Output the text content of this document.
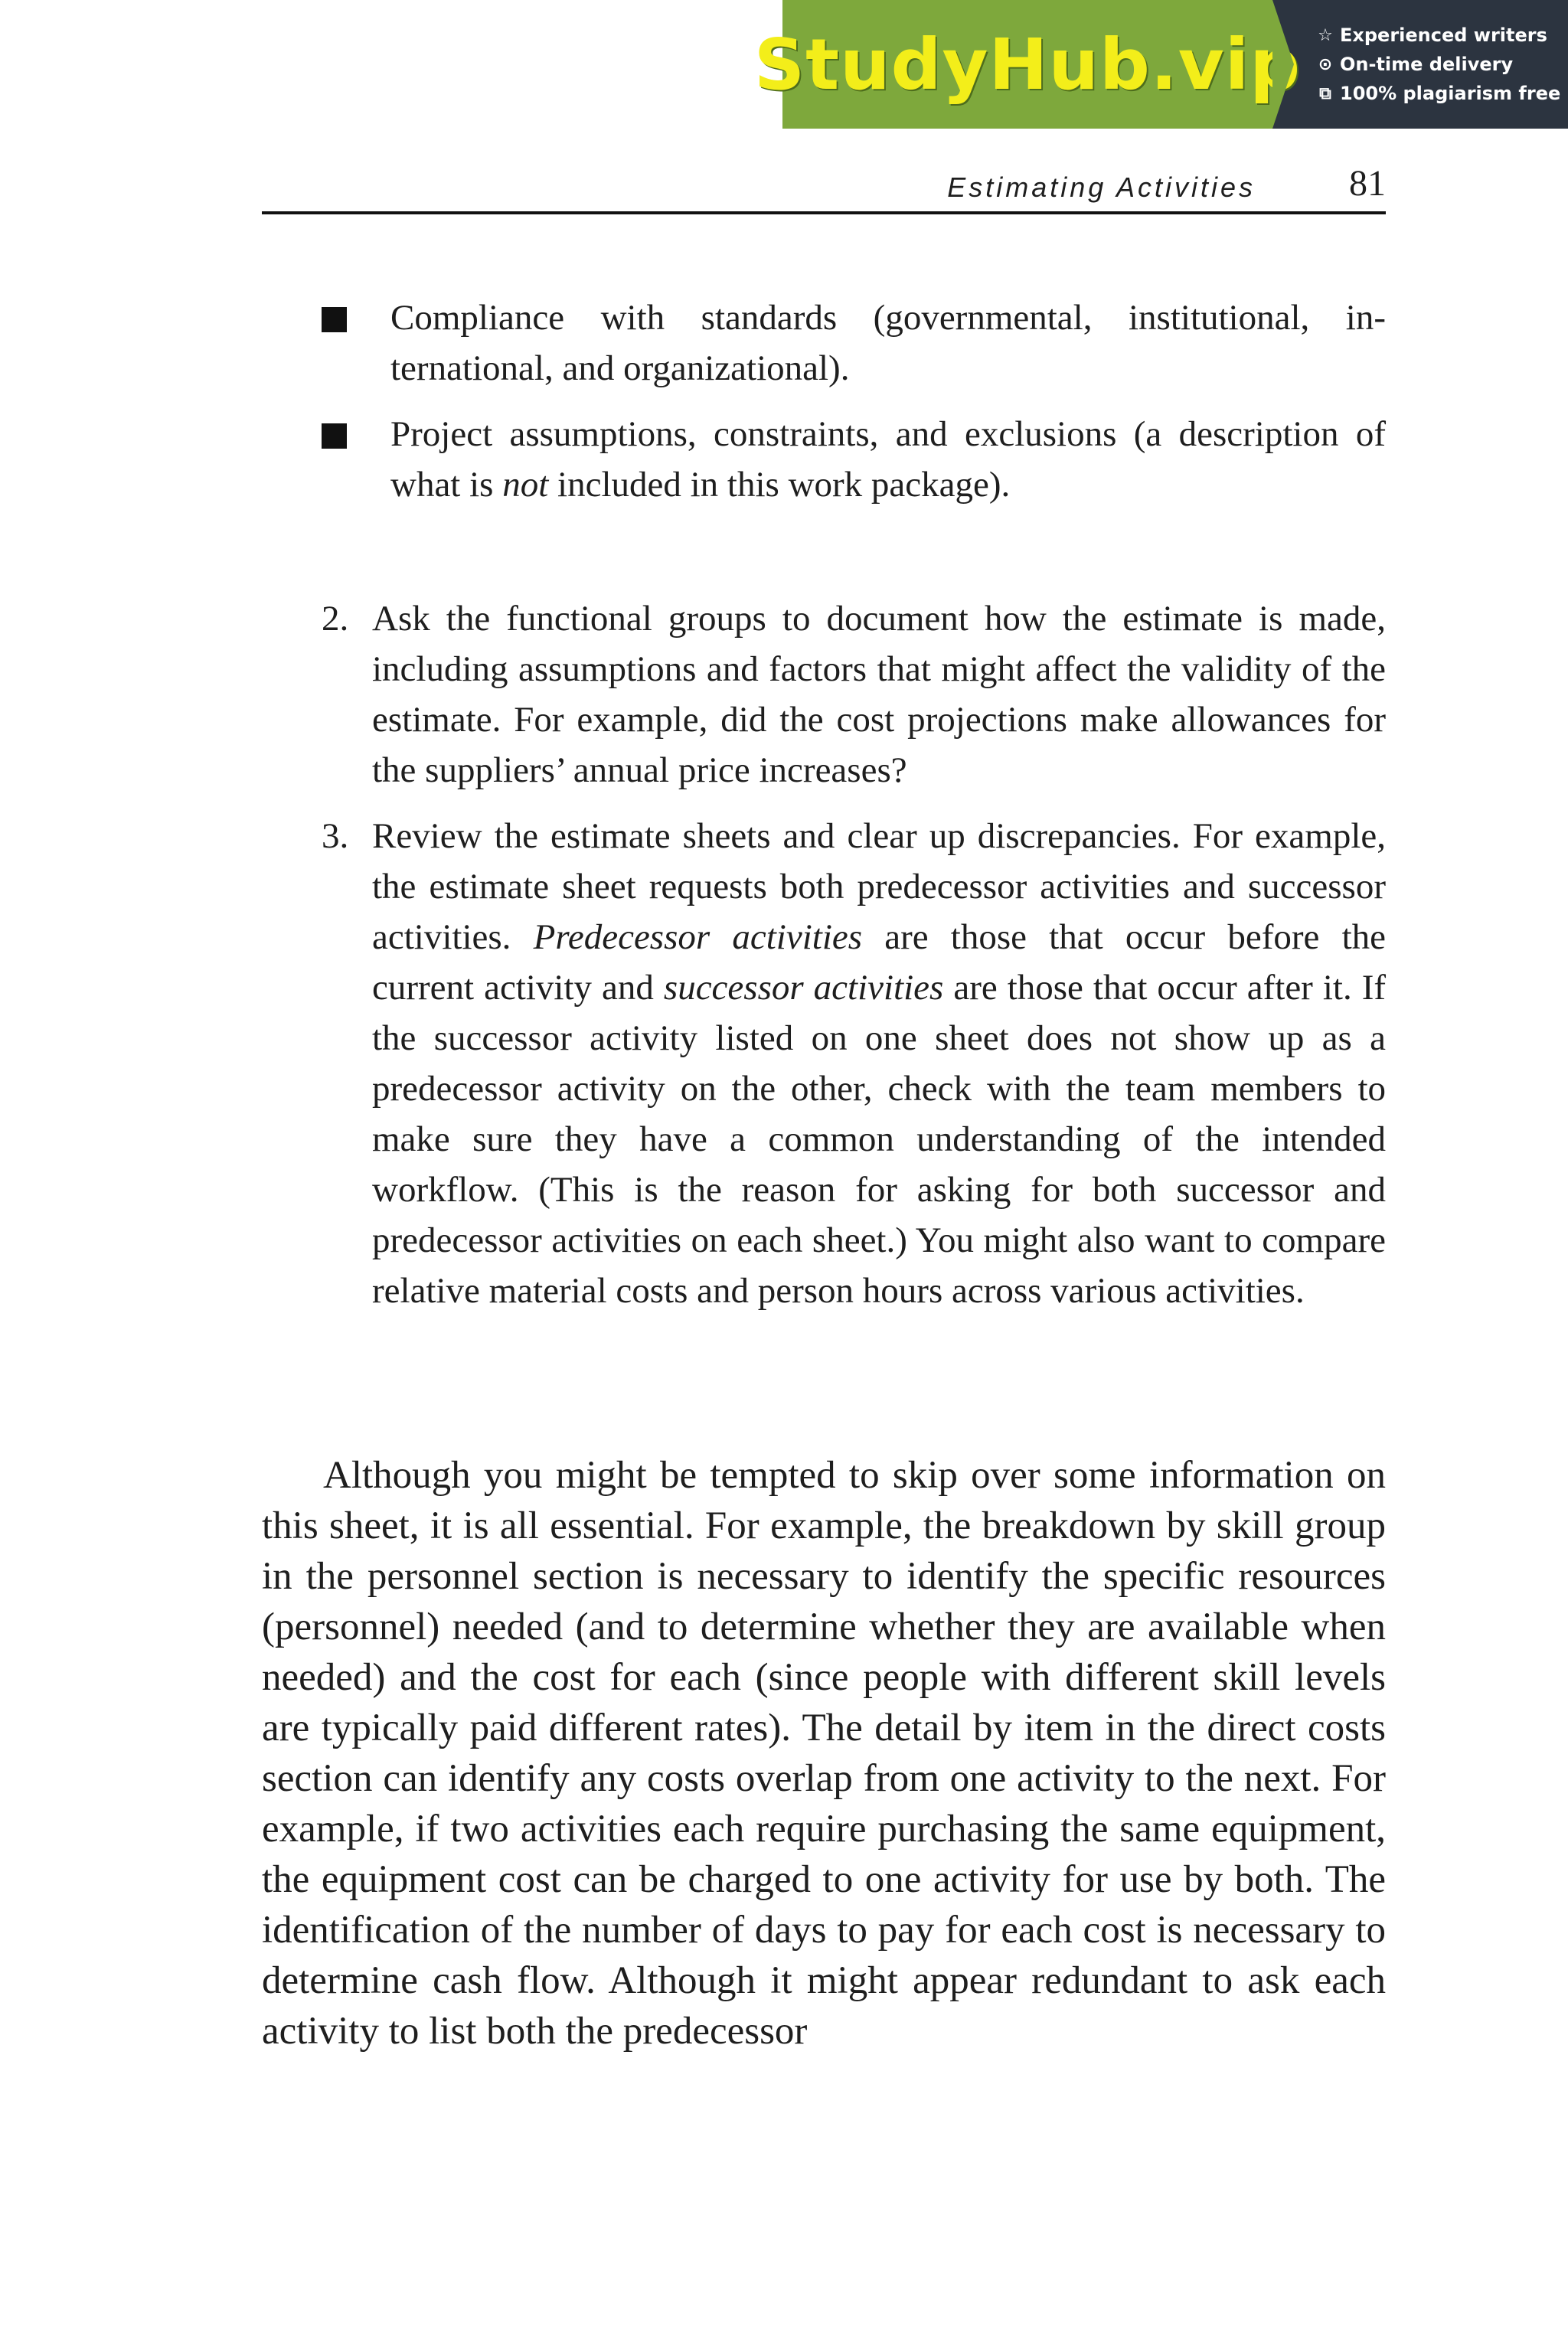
StudyHub.vip ☆ Experienced writers
⊙ On-time delivery
⧉ 100% plagiarism free
Estimating Activities	81
Compliance with standards (governmental, institutional, international, and organizational).
Project assumptions, constraints, and exclusions (a description of what is not included in this work package).
2. Ask the functional groups to document how the estimate is made, including assumptions and factors that might affect the validity of the estimate. For example, did the cost projections make allowances for the suppliers’ annual price increases?
3. Review the estimate sheets and clear up discrepancies. For example, the estimate sheet requests both predecessor activities and successor activities. Predecessor activities are those that occur before the current activity and successor activities are those that occur after it. If the successor activity listed on one sheet does not show up as a predecessor activity on the other, check with the team members to make sure they have a common understanding of the intended workflow. (This is the reason for asking for both successor and predecessor activities on each sheet.) You might also want to compare relative material costs and person hours across various activities.

Although you might be tempted to skip over some information on this sheet, it is all essential. For example, the breakdown by skill group in the personnel section is necessary to identify the specific resources (personnel) needed (and to determine whether they are available when needed) and the cost for each (since people with different skill levels are typically paid different rates). The detail by item in the direct costs section can identify any costs overlap from one activity to the next. For example, if two activities each require purchasing the same equipment, the equipment cost can be charged to one activity for use by both. The identification of the number of days to pay for each cost is necessary to determine cash flow. Although it might appear redundant to ask each activity to list both the predecessor
